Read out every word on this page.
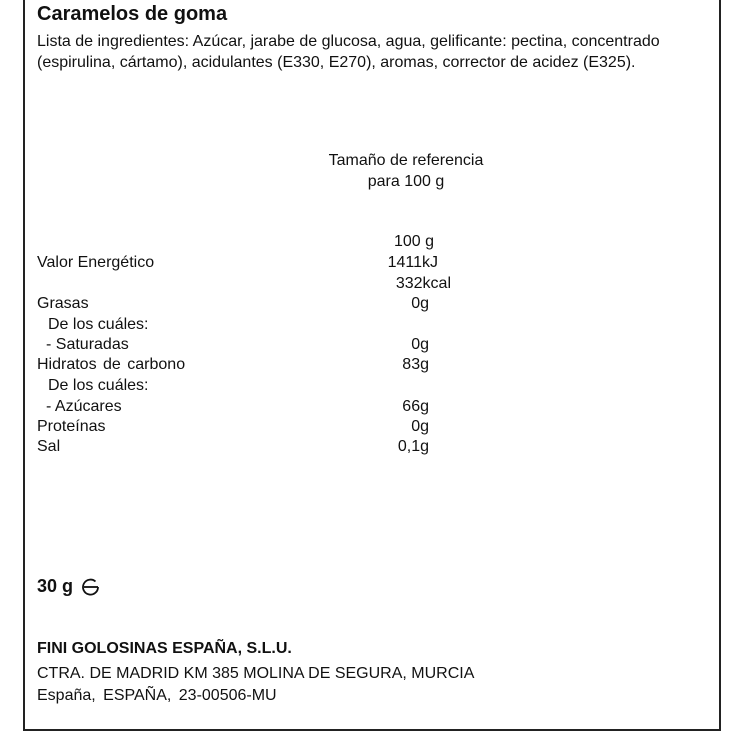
Caramelos de goma
Lista de ingredientes: Azúcar, jarabe de glucosa, agua, gelificante: pectina, concentrado (espirulina, cártamo), acidulantes (E330, E270), aromas, corrector de acidez (E325).
Tamaño de referencia
para 100 g
100 g
Valor Energético	1411kJ
332kcal
Grasas	0g
De los cuáles:
- Saturadas	0g
Hidratos de carbono	83g
De los cuáles:
- Azúcares	66g
Proteínas	0g
Sal	0,1g
30 g
FINI GOLOSINAS ESPAÑA, S.L.U.
CTRA. DE MADRID KM 385 MOLINA DE SEGURA, MURCIA
España, ESPAÑA, 23-00506-MU
